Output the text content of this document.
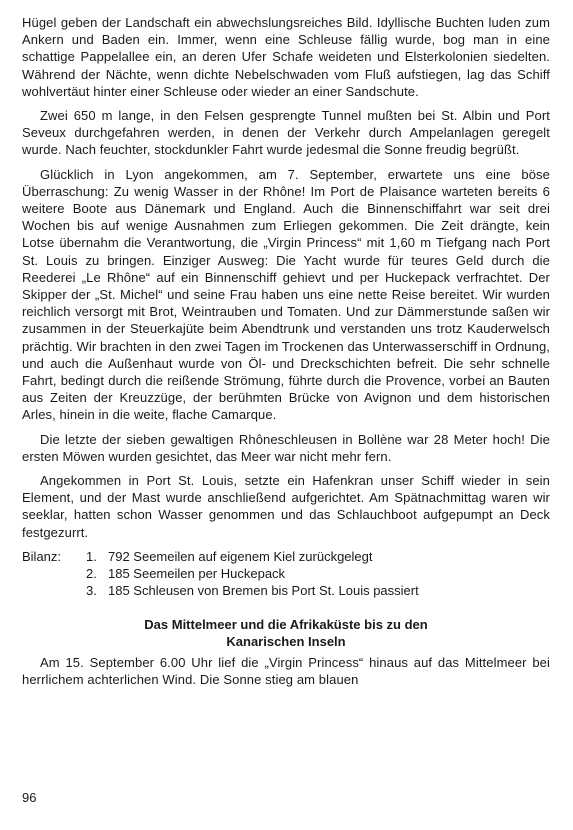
Hügel geben der Landschaft ein abwechslungsreiches Bild. Idyllische Buchten luden zum Ankern und Baden ein. Immer, wenn eine Schleuse fällig wurde, bog man in eine schattige Pappelallee ein, an deren Ufer Schafe weideten und Elsterkolonien siedelten. Während der Nächte, wenn dichte Nebelschwaden vom Fluß aufstiegen, lag das Schiff wohlvertäut hinter einer Schleuse oder wieder an einer Sandschute.

Zwei 650 m lange, in den Felsen gesprengte Tunnel mußten bei St. Albin und Port Seveux durchgefahren werden, in denen der Verkehr durch Ampelanlagen geregelt wurde. Nach feuchter, stockdunkler Fahrt wurde jedesmal die Sonne freudig begrüßt.

Glücklich in Lyon angekommen, am 7. September, erwartete uns eine böse Überraschung: Zu wenig Wasser in der Rhône! Im Port de Plaisance warteten bereits 6 weitere Boote aus Dänemark und England. Auch die Binnenschiffahrt war seit drei Wochen bis auf wenige Ausnahmen zum Erliegen gekommen. Die Zeit drängte, kein Lotse übernahm die Verantwortung, die „Virgin Princess“ mit 1,60 m Tiefgang nach Port St. Louis zu bringen. Einziger Ausweg: Die Yacht wurde für teures Geld durch die Reederei „Le Rhône“ auf ein Binnenschiff gehievt und per Huckepack verfrachtet. Der Skipper der „St. Michel“ und seine Frau haben uns eine nette Reise bereitet. Wir wurden reichlich versorgt mit Brot, Weintrauben und Tomaten. Und zur Dämmerstunde saßen wir zusammen in der Steuerkajüte beim Abendtrunk und verstanden uns trotz Kauderwelsch prächtig. Wir brachten in den zwei Tagen im Trockenen das Unterwasserschiff in Ordnung, und auch die Außenhaut wurde von Öl- und Dreckschichten befreit. Die sehr schnelle Fahrt, bedingt durch die reißende Strömung, führte durch die Provence, vorbei an Bauten aus Zeiten der Kreuzzüge, der berühmten Brücke von Avignon und dem historischen Arles, hinein in die weite, flache Camarque.

Die letzte der sieben gewaltigen Rhôneschleusen in Bollène war 28 Meter hoch! Die ersten Möwen wurden gesichtet, das Meer war nicht mehr fern.

Angekommen in Port St. Louis, setzte ein Hafenkran unser Schiff wieder in sein Element, und der Mast wurde anschließend aufgerichtet. Am Spätnachmittag waren wir seeklar, hatten schon Wasser genommen und das Schlauchboot aufgepumpt an Deck festgezurrt.

Bilanz:	1. 792 Seemeilen auf eigenem Kiel zurückgelegt
2. 185 Seemeilen per Huckepack
3. 185 Schleusen von Bremen bis Port St. Louis passiert
Das Mittelmeer und die Afrikaküste bis zu den
Kanarischen Inseln

Am 15. September 6.00 Uhr lief die „Virgin Princess“ hinaus auf das Mittelmeer bei herrlichem achterlichen Wind. Die Sonne stieg am blauen

96
